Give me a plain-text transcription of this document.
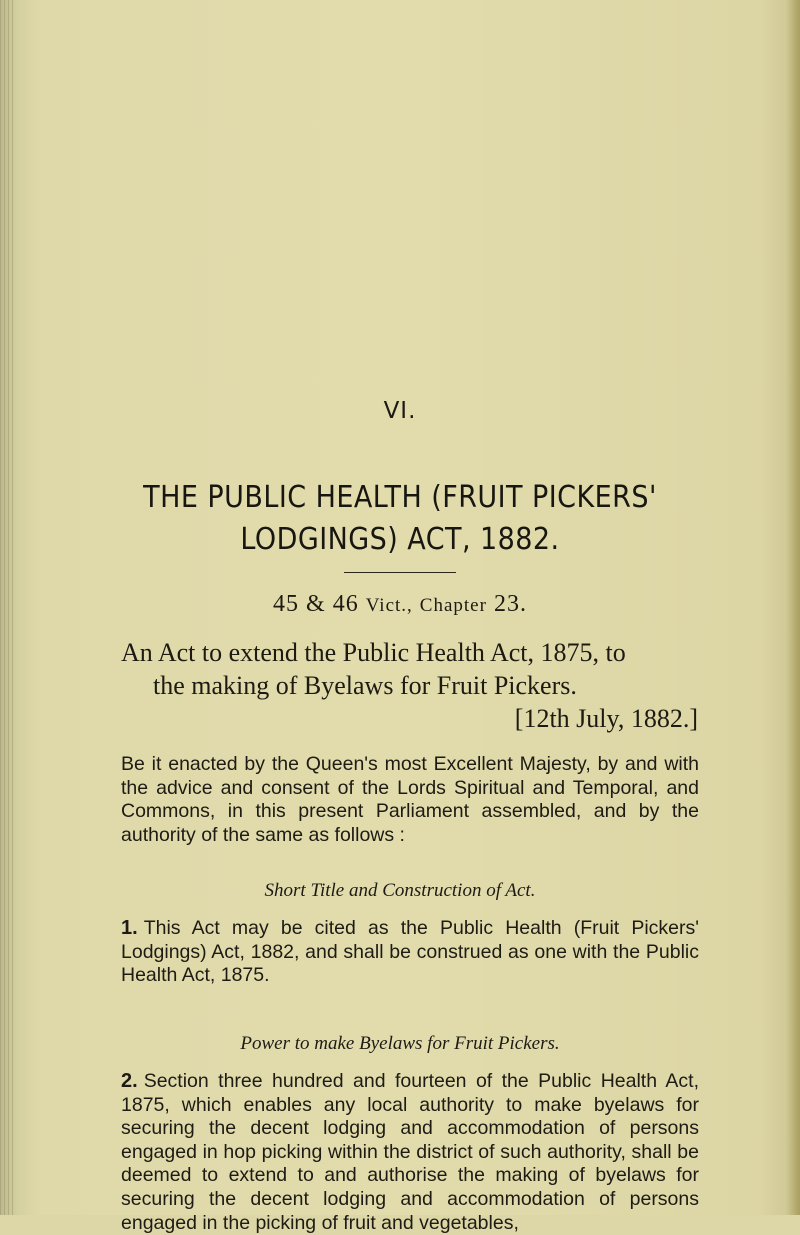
VI.
THE PUBLIC HEALTH (FRUIT PICKERS'
LODGINGS) ACT, 1882.
45 & 46 Vict., Chapter 23.
An Act to extend the Public Health Act, 1875, to
the making of Byelaws for Fruit Pickers.
[12th July, 1882.]
Be it enacted by the Queen's most Excellent Majesty, by and with the advice and consent of the Lords Spiritual and Temporal, and Commons, in this present Parliament assembled, and by the authority of the same as follows :
Short Title and Construction of Act.
1. This Act may be cited as the Public Health (Fruit Pickers' Lodgings) Act, 1882, and shall be construed as one with the Public Health Act, 1875.
Power to make Byelaws for Fruit Pickers.
2. Section three hundred and fourteen of the Public Health Act, 1875, which enables any local authority to make byelaws for securing the decent lodging and accommodation of persons engaged in hop picking within the district of such authority, shall be deemed to extend to and authorise the making of byelaws for securing the decent lodging and accommodation of persons engaged in the picking of fruit and vegetables,
